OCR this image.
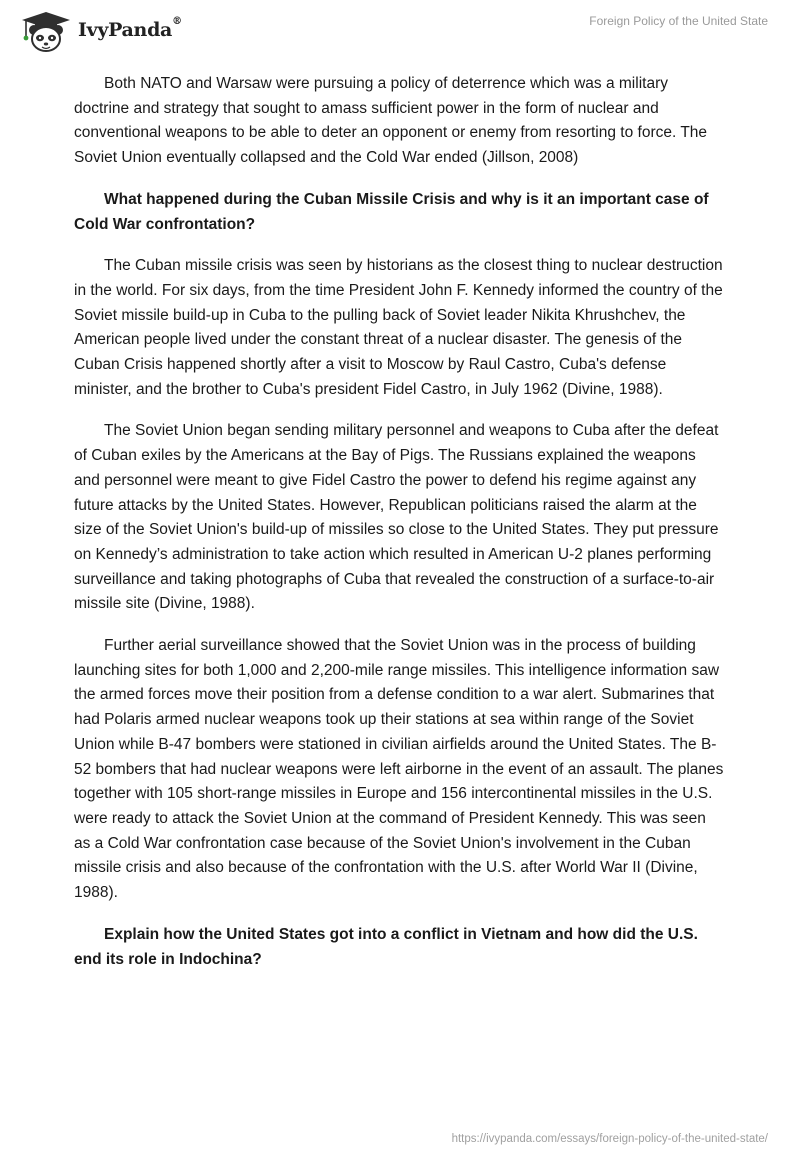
IvyPanda®	Foreign Policy of the United State

Both NATO and Warsaw were pursuing a policy of deterrence which was a military doctrine and strategy that sought to amass sufficient power in the form of nuclear and conventional weapons to be able to deter an opponent or enemy from resorting to force. The Soviet Union eventually collapsed and the Cold War ended (Jillson, 2008)

What happened during the Cuban Missile Crisis and why is it an important case of Cold War confrontation?

The Cuban missile crisis was seen by historians as the closest thing to nuclear destruction in the world. For six days, from the time President John F. Kennedy informed the country of the Soviet missile build-up in Cuba to the pulling back of Soviet leader Nikita Khrushchev, the American people lived under the constant threat of a nuclear disaster. The genesis of the Cuban Crisis happened shortly after a visit to Moscow by Raul Castro, Cuba's defense minister, and the brother to Cuba's president Fidel Castro, in July 1962 (Divine, 1988).

The Soviet Union began sending military personnel and weapons to Cuba after the defeat of Cuban exiles by the Americans at the Bay of Pigs. The Russians explained the weapons and personnel were meant to give Fidel Castro the power to defend his regime against any future attacks by the United States. However, Republican politicians raised the alarm at the size of the Soviet Union's build-up of missiles so close to the United States. They put pressure on Kennedy’s administration to take action which resulted in American U-2 planes performing surveillance and taking photographs of Cuba that revealed the construction of a surface-to-air missile site (Divine, 1988).

Further aerial surveillance showed that the Soviet Union was in the process of building launching sites for both 1,000 and 2,200-mile range missiles. This intelligence information saw the armed forces move their position from a defense condition to a war alert. Submarines that had Polaris armed nuclear weapons took up their stations at sea within range of the Soviet Union while B-47 bombers were stationed in civilian airfields around the United States. The B-52 bombers that had nuclear weapons were left airborne in the event of an assault. The planes together with 105 short-range missiles in Europe and 156 intercontinental missiles in the U.S. were ready to attack the Soviet Union at the command of President Kennedy. This was seen as a Cold War confrontation case because of the Soviet Union's involvement in the Cuban missile crisis and also because of the confrontation with the U.S. after World War II (Divine, 1988).

Explain how the United States got into a conflict in Vietnam and how did the U.S. end its role in Indochina?

https://ivypanda.com/essays/foreign-policy-of-the-united-state/
